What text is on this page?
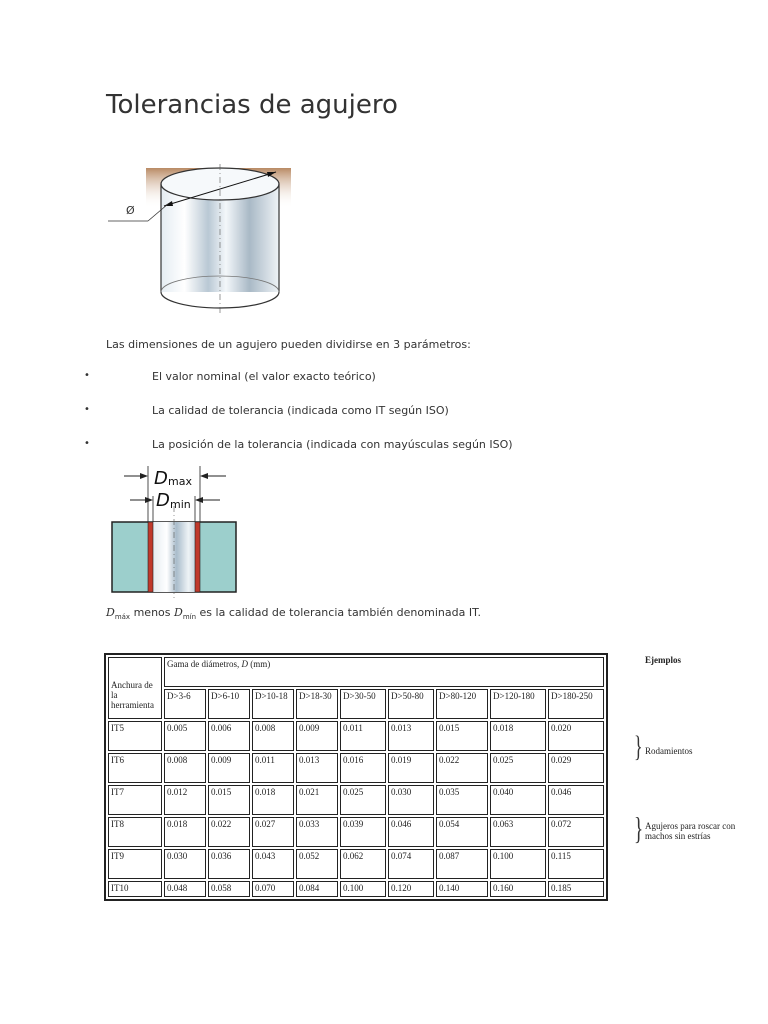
Tolerancias de agujero
Ø
Las dimensiones de un agujero pueden dividirse en 3 parámetros:
•	El valor nominal (el valor exacto teórico)
•	La calidad de tolerancia (indicada como IT según ISO)
•	La posición de la tolerancia (indicada con mayúsculas según ISO)
D max
D min
$D_{máx}$ menos $D_{mín}$ es la calidad de tolerancia también denominada IT.
Anchura de la herramienta	Gama de diámetros, D (mm)								
	D>3-6	D>6-10	D>10-18	D>18-30	D>30-50	D>50-80	D>80-120	D>120-180	D>180-250
IT5	0.005	0.006	0.008	0.009	0.011	0.013	0.015	0.018	0.020
IT6	0.008	0.009	0.011	0.013	0.016	0.019	0.022	0.025	0.029
IT7	0.012	0.015	0.018	0.021	0.025	0.030	0.035	0.040	0.046
IT8	0.018	0.022	0.027	0.033	0.039	0.046	0.054	0.063	0.072
IT9	0.030	0.036	0.043	0.052	0.062	0.074	0.087	0.100	0.115
IT10	0.048	0.058	0.070	0.084	0.100	0.120	0.140	0.160	0.185
Ejemplos
} Rodamientos
} Agujeros para roscar con machos sin estrías
